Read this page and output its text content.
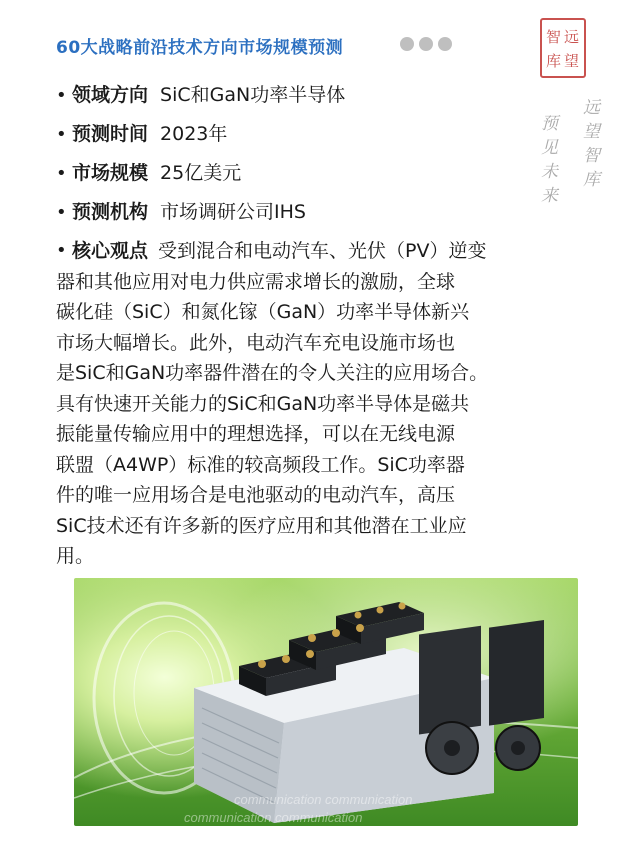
60大战略前沿技术方向市场规模预测
智 远
库 望
远
望
智
库
预
见
未
来
• 领域方向 SiC和GaN功率半导体
• 预测时间 2023年
• 市场规模 25亿美元
• 预测机构 市场调研公司IHS
• 核心观点 受到混合和电动汽车、光伏（PV）逆变
器和其他应用对电力供应需求增长的激励，全球
碳化硅（SiC）和氮化镓（GaN）功率半导体新兴
市场大幅增长。此外，电动汽车充电设施市场也
是SiC和GaN功率器件潜在的令人关注的应用场合。
具有快速开关能力的SiC和GaN功率半导体是磁共
振能量传输应用中的理想选择，可以在无线电源
联盟（A4WP）标准的较高频段工作。SiC功率器
件的唯一应用场合是电池驱动的电动汽车，高压
SiC技术还有许多新的医疗应用和其他潜在工业应
用。
communication communication
communication communication
